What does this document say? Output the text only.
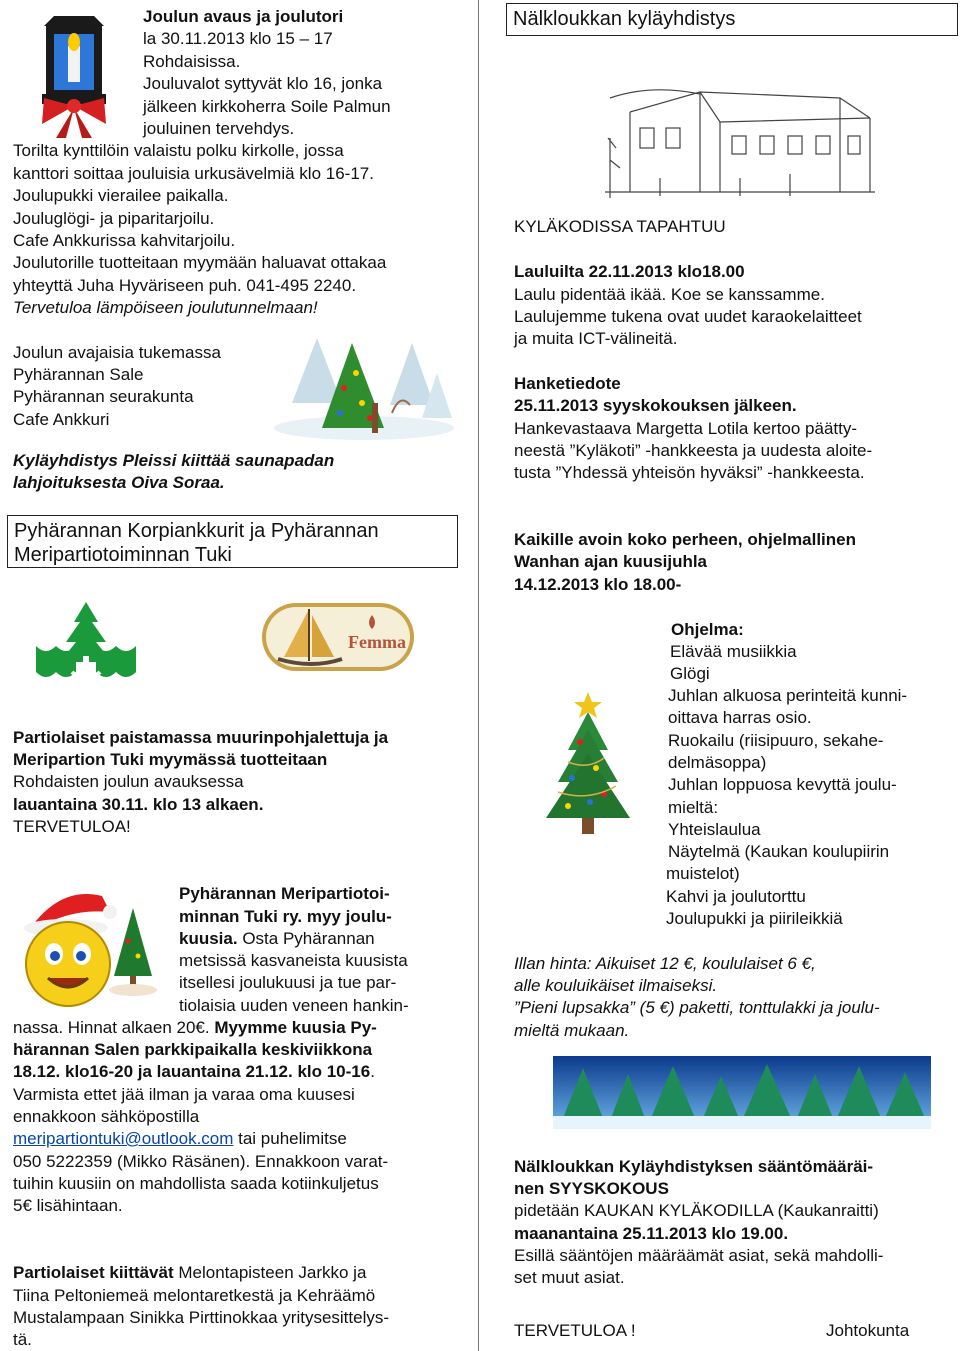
Joulun avaus ja joulutori
la 30.11.2013 klo 15 – 17
Rohdaisissa.
Jouluvalot syttyvät klo 16, jonka
jälkeen kirkkoherra Soile Palmun
jouluinen tervehdys.
Torilta kynttilöin valaistu polku kirkolle, jossa
kanttori soittaa jouluisia urkusävelmiä klo 16-17.
Joulupukki vierailee paikalla.
Jouluglögi- ja piparitarjoilu.
Cafe Ankkurissa kahvitarjoilu.
Joulutorille tuotteitaan myymään haluavat ottakaa
yhteyttä Juha Hyväriseen puh. 041-495 2240.
Tervetuloa lämpöiseen joulutunnelmaan!
Joulun avajaisia tukemassa
Pyhärannan Sale
Pyhärannan seurakunta
Cafe Ankkuri
Kyläyhdistys Pleissi kiittää saunapadan
lahjoituksesta Oiva Soraa.
Pyhärannan Korpiankkurit ja Pyhärannan
Meripartiotoiminnan Tuki
Femma
Partiolaiset paistamassa muurinpohjalettuja ja
Meripartion Tuki myymässä tuotteitaan
Rohdaisten joulun avauksessa
lauantaina 30.11. klo 13 alkaen.
TERVETULOA!
Pyhärannan Meripartiotoi-
minnan Tuki ry. myy joulu-
kuusia. Osta Pyhärannan
metsissä kasvaneista kuusista
itsellesi joulukuusi ja tue par-
tiolaisia uuden veneen hankin-
nassa. Hinnat alkaen 20€. Myymme kuusia Py-
härannan Salen parkkipaikalla keskiviikkona
18.12. klo16-20 ja lauantaina 21.12. klo 10-16.
Varmista ettet jää ilman ja varaa oma kuusesi
ennakkoon sähköpostilla
meripartiontuki@outlook.com tai puhelimitse
050 5222359 (Mikko Räsänen). Ennakkoon varat-
tuihin kuusiin on mahdollista saada kotiinkuljetus
5€ lisähintaan.
Partiolaiset kiittävät Melontapisteen Jarkko ja
Tiina Peltoniemeä melontaretkestä ja Kehräämö
Mustalampaan Sinikka Pirttinokkaa yritysesittelys-
tä.
Nälkloukkan kyläyhdistys
KYLÄKODISSA TAPAHTUU
Lauluilta 22.11.2013 klo18.00
Laulu pidentää ikää. Koe se kanssamme.
Laulujemme tukena ovat uudet karaokelaitteet
ja muita ICT-välineitä.
Hanketiedote
25.11.2013 syyskokouksen jälkeen.
Hankevastaava Margetta Lotila kertoo päätty-
neestä ”Kyläkoti” -hankkeesta ja uudesta aloite-
tusta ”Yhdessä yhteisön hyväksi” -hankkeesta.
Kaikille avoin koko perheen, ohjelmallinen
Wanhan ajan kuusijuhla
14.12.2013 klo 18.00-
Ohjelma:
Elävää musiikkia
Glögi
Juhlan alkuosa perinteitä kunni-
oittava harras osio.
Ruokailu (riisipuuro, sekahe-
delmäsoppa)
Juhlan loppuosa kevyttä joulu-
mieltä:
Yhteislaulua
Näytelmä (Kaukan koulupiirin
muistelot)
Kahvi ja joulutorttu
Joulupukki ja piirileikkiä
Illan hinta: Aikuiset 12 €, koululaiset 6 €,
alle kouluikäiset ilmaiseksi.
”Pieni lupsakka” (5 €) paketti, tonttulakki ja joulu-
mieltä mukaan.
Nälkloukkan Kyläyhdistyksen sääntömääräi-
nen SYYSKOKOUS
pidetään KAUKAN KYLÄKODILLA (Kaukanraitti)
maanantaina 25.11.2013 klo 19.00.
Esillä sääntöjen määräämät asiat, sekä mahdolli-
set muut asiat.
TERVETULOA !	Johtokunta
